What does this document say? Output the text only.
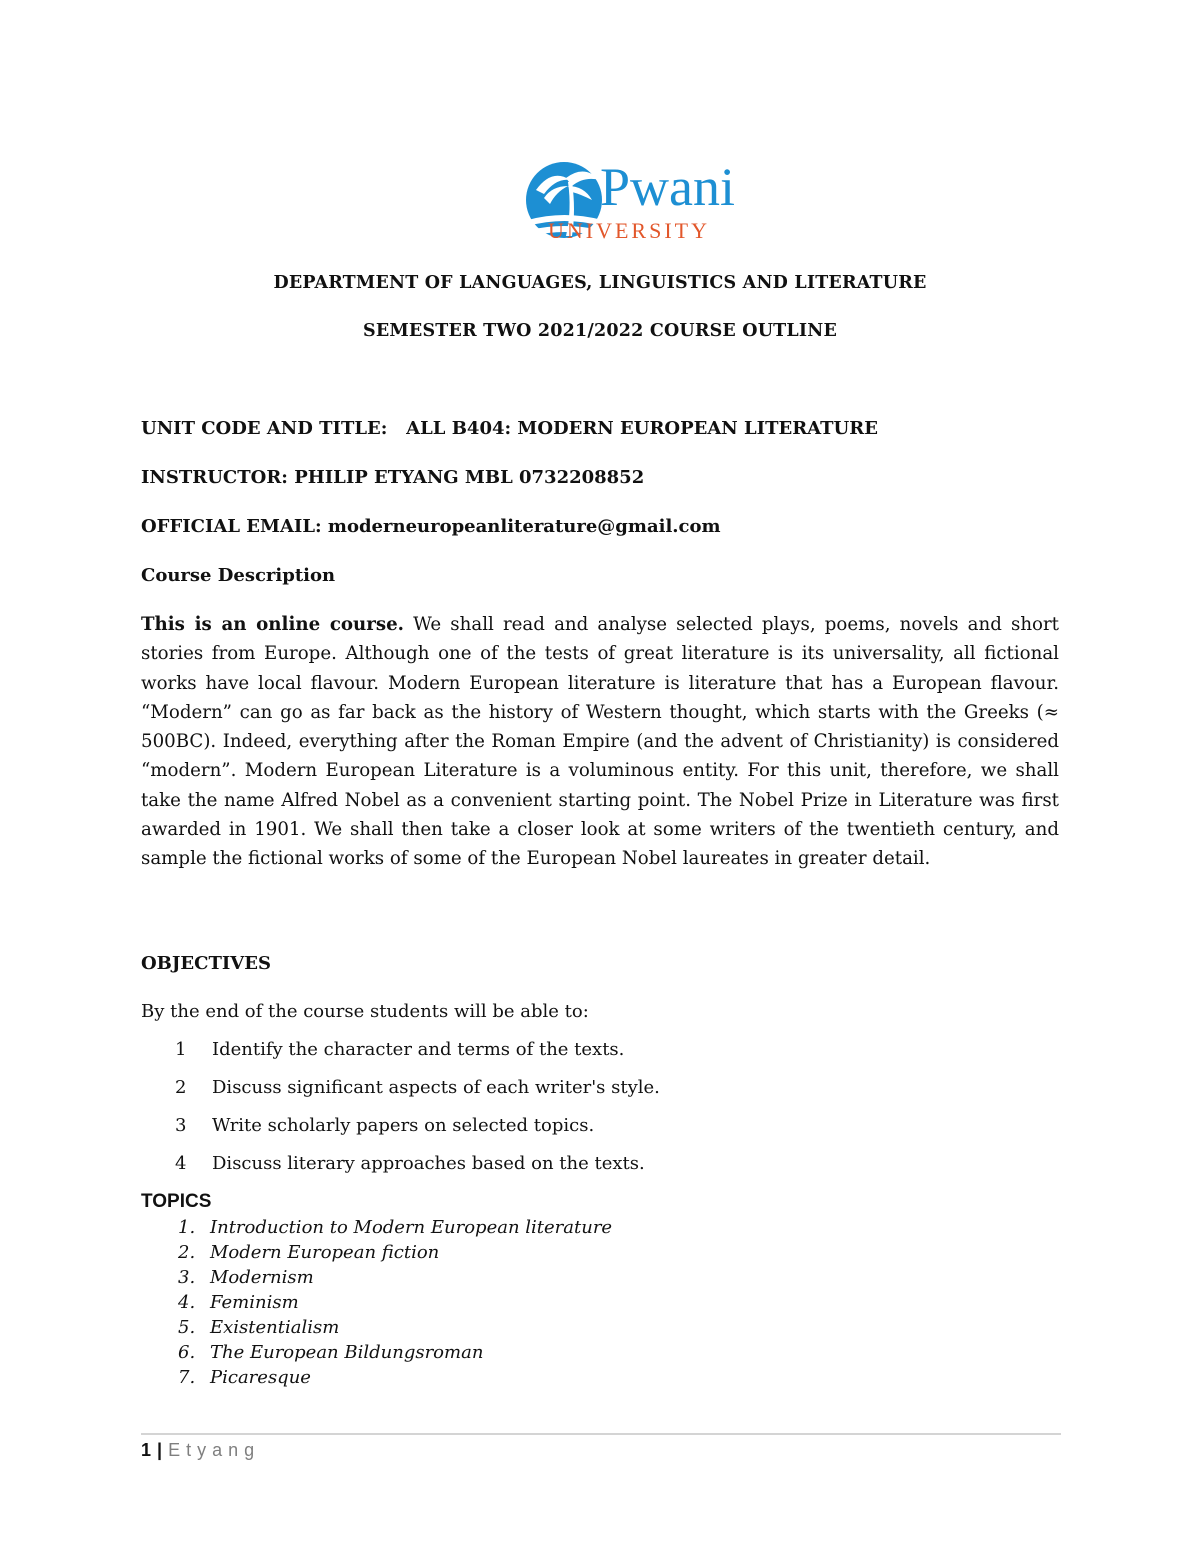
Pwani
UNIVERSITY
DEPARTMENT OF LANGUAGES, LINGUISTICS AND LITERATURE
SEMESTER TWO 2021/2022 COURSE OUTLINE
UNIT CODE AND TITLE: ALL B404: MODERN EUROPEAN LITERATURE
INSTRUCTOR: PHILIP ETYANG MBL 0732208852
OFFICIAL EMAIL: moderneuropeanliterature@gmail.com
Course Description
This is an online course. We shall read and analyse selected plays, poems, novels and short stories from Europe. Although one of the tests of great literature is its universality, all fictional works have local flavour. Modern European literature is literature that has a European flavour. “Modern” can go as far back as the history of Western thought, which starts with the Greeks (≈ 500BC). Indeed, everything after the Roman Empire (and the advent of Christianity) is considered “modern”. Modern European Literature is a voluminous entity. For this unit, therefore, we shall take the name Alfred Nobel as a convenient starting point. The Nobel Prize in Literature was first awarded in 1901. We shall then take a closer look at some writers of the twentieth century, and sample the fictional works of some of the European Nobel laureates in greater detail.
OBJECTIVES
By the end of the course students will be able to:
1 Identify the character and terms of the texts.
2 Discuss significant aspects of each writer's style.
3 Write scholarly papers on selected topics.
4 Discuss literary approaches based on the texts.
TOPICS
1. Introduction to Modern European literature
2. Modern European fiction
3. Modernism
4. Feminism
5. Existentialism
6. The European Bildungsroman
7. Picaresque
1 | Etyang
